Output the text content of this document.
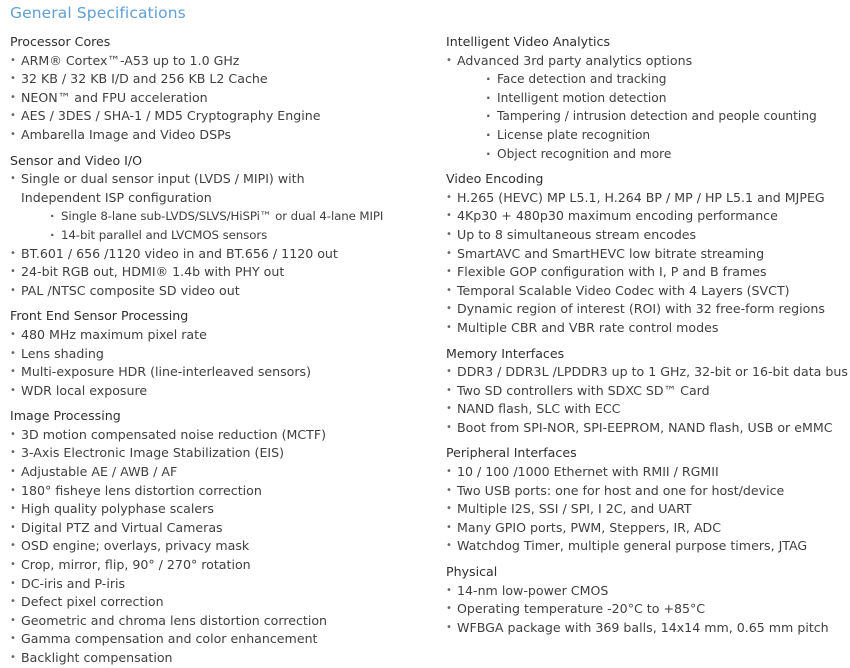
General Specifications
Processor Cores
• ARM® Cortex™-A53 up to 1.0 GHz
• 32 KB / 32 KB I/D and 256 KB L2 Cache
• NEON™ and FPU acceleration
• AES / 3DES / SHA-1 / MD5 Cryptography Engine
• Ambarella Image and Video DSPs
Sensor and Video I/O
• Single or dual sensor input (LVDS / MIPI) with
Independent ISP configuration
· Single 8-lane sub-LVDS/SLVS/HiSPi™ or dual 4-lane MIPI
· 14-bit parallel and LVCMOS sensors
• BT.601 / 656 /1120 video in and BT.656 / 1120 out
• 24-bit RGB out, HDMI® 1.4b with PHY out
• PAL /NTSC composite SD video out
Front End Sensor Processing
• 480 MHz maximum pixel rate
• Lens shading
• Multi-exposure HDR (line-interleaved sensors)
• WDR local exposure
Image Processing
• 3D motion compensated noise reduction (MCTF)
• 3-Axis Electronic Image Stabilization (EIS)
• Adjustable AE / AWB / AF
• 180° fisheye lens distortion correction
• High quality polyphase scalers
• Digital PTZ and Virtual Cameras
• OSD engine; overlays, privacy mask
• Crop, mirror, flip, 90° / 270° rotation
• DC-iris and P-iris
• Defect pixel correction
• Geometric and chroma lens distortion correction
• Gamma compensation and color enhancement
• Backlight compensation
Intelligent Video Analytics
• Advanced 3rd party analytics options
· Face detection and tracking
· Intelligent motion detection
· Tampering / intrusion detection and people counting
· License plate recognition
· Object recognition and more
Video Encoding
• H.265 (HEVC) MP L5.1, H.264 BP / MP / HP L5.1 and MJPEG
• 4Kp30 + 480p30 maximum encoding performance
• Up to 8 simultaneous stream encodes
• SmartAVC and SmartHEVC low bitrate streaming
• Flexible GOP configuration with I, P and B frames
• Temporal Scalable Video Codec with 4 Layers (SVCT)
• Dynamic region of interest (ROI) with 32 free-form regions
• Multiple CBR and VBR rate control modes
Memory Interfaces
• DDR3 / DDR3L /LPDDR3 up to 1 GHz, 32-bit or 16-bit data bus
• Two SD controllers with SDXC SD™ Card
• NAND flash, SLC with ECC
• Boot from SPI-NOR, SPI-EEPROM, NAND flash, USB or eMMC
Peripheral Interfaces
• 10 / 100 /1000 Ethernet with RMII / RGMII
• Two USB ports: one for host and one for host/device
• Multiple I2S, SSI / SPI, I 2C, and UART
• Many GPIO ports, PWM, Steppers, IR, ADC
• Watchdog Timer, multiple general purpose timers, JTAG
Physical
• 14-nm low-power CMOS
• Operating temperature -20°C to +85°C
• WFBGA package with 369 balls, 14x14 mm, 0.65 mm pitch
